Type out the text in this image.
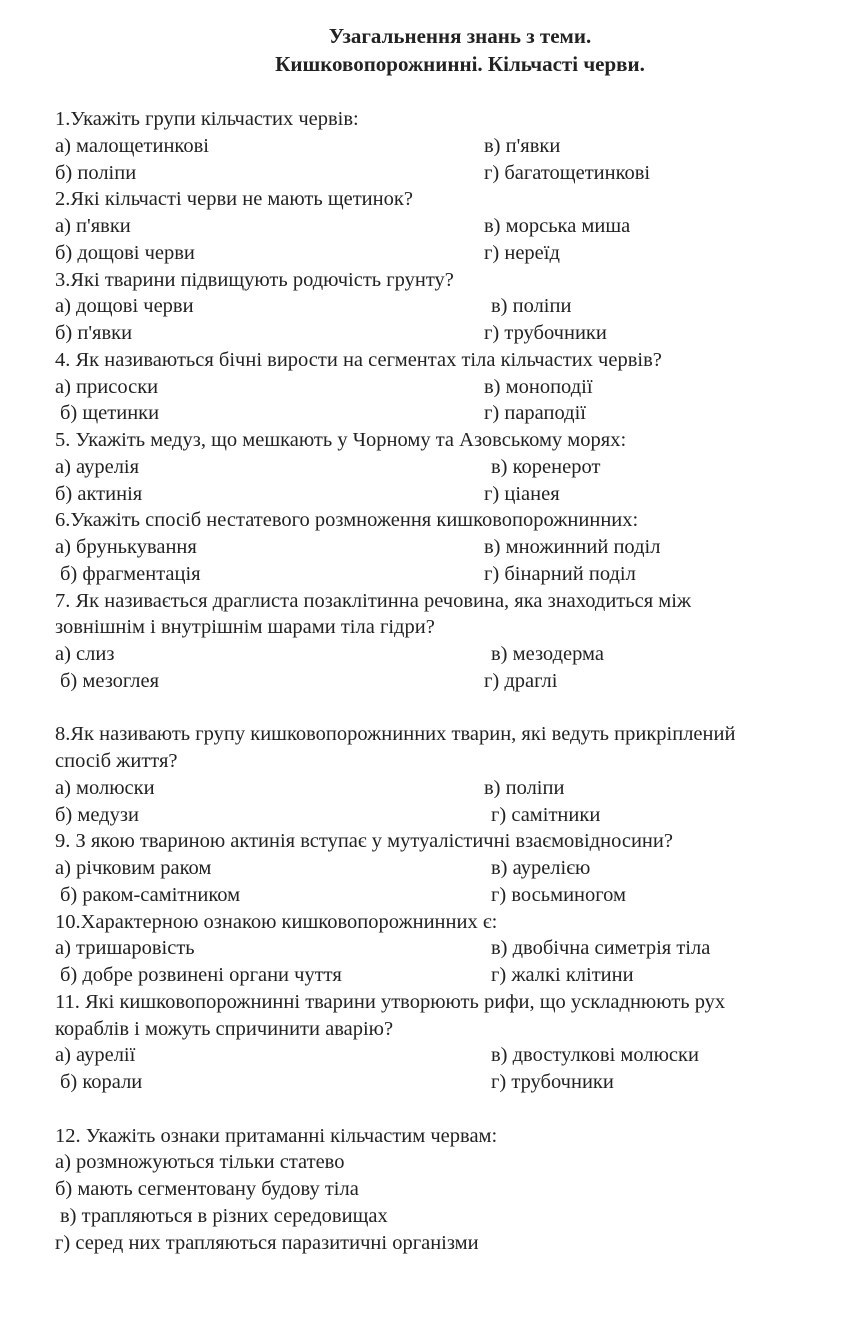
Узагальнення знань з теми.
Кишковопорожнинні. Кільчасті черви.
1.Укажіть групи кільчастих червів:
а) малощетинкові	в) п'явки
б) поліпи	г) багатощетинкові
2.Які кільчасті черви не мають щетинок?
а) п'явки	в) морська миша
б) дощові черви	г) нереїд
3.Які тварини підвищують родючість грунту?
а) дощові черви	в) поліпи
б) п'явки	г) трубочники
4. Як називаються бічні вирости на сегментах тіла кільчастих червів?
а) присоски	в) моноподії
б) щетинки	г) параподії
5. Укажіть медуз, що мешкають у Чорному та Азовському морях:
а) аурелія	в) коренерот
б) актинія	г) ціанея
6.Укажіть спосіб нестатевого розмноження кишковопорожнинних:
а) брунькування	в) множинний поділ
б) фрагментація	г) бінарний поділ
7. Як називається драглиста позаклітинна речовина, яка знаходиться між
зовнішнім і внутрішнім шарами тіла гідри?
а) слиз	в) мезодерма
б) мезоглея	г) драглі
8.Як називають групу кишковопорожнинних тварин, які ведуть прикріплений
спосіб життя?
а) молюски	в) поліпи
б) медузи	г) самітники
9. З якою твариною актинія вступає у мутуалістичні взаємовідносини?
а) річковим раком	в) аурелією
б) раком-самітником	г) восьминогом
10.Характерною ознакою кишковопорожнинних є:
а) тришаровість	в) двобічна симетрія тіла
б) добре розвинені органи чуття	г) жалкі клітини
11. Які кишковопорожнинні тварини утворюють рифи, що ускладнюють рух
кораблів і можуть спричинити аварію?
а) аурелії	в) двостулкові молюски
б) корали	г) трубочники
12. Укажіть ознаки притаманні кільчастим червам:
а) розмножуються тільки статево
б) мають сегментовану будову тіла
в) трапляються в різних середовищах
г) серед них трапляються паразитичні організми
